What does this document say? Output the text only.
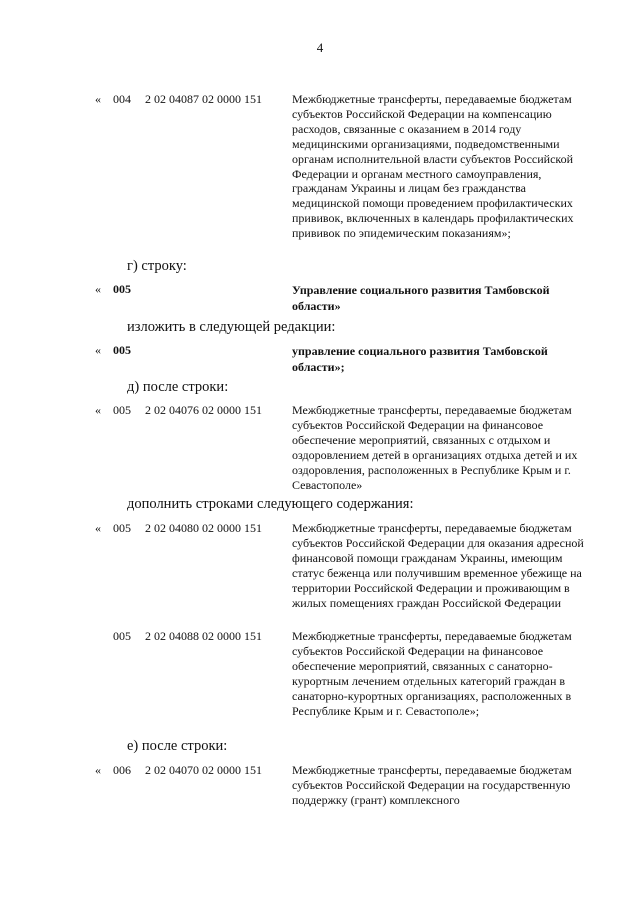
4
« 004 2 02 04087 02 0000 151	Межбюджетные трансферты, передаваемые бюджетам субъектов Российской Федерации на компенсацию расходов, связанные с оказанием в 2014 году медицинскими организациями, подведомственными органам исполнительной власти субъектов Российской Федерации и органам местного самоуправления, гражданам Украины и лицам без гражданства медицинской помощи проведением профилактических прививок, включенных в календарь профилактических прививок по эпидемическим показаниям»;
г) строку:
« 005	Управление социального развития Тамбовской области»
изложить в следующей редакции:
« 005	управление социального развития Тамбовской области»;
д) после строки:
« 005 2 02 04076 02 0000 151	Межбюджетные трансферты, передаваемые бюджетам субъектов Российской Федерации на финансовое обеспечение мероприятий, связанных с отдыхом и оздоровлением детей в организациях отдыха детей и их оздоровления, расположенных в Республике Крым и г. Севастополе»
дополнить строками следующего содержания:
« 005 2 02 04080 02 0000 151	Межбюджетные трансферты, передаваемые бюджетам субъектов Российской Федерации для оказания адресной финансовой помощи гражданам Украины, имеющим статус беженца или получившим временное убежище на территории Российской Федерации и проживающим в жилых помещениях граждан Российской Федерации
005 2 02 04088 02 0000 151	Межбюджетные трансферты, передаваемые бюджетам субъектов Российской Федерации на финансовое обеспечение мероприятий, связанных с санаторно-курортным лечением отдельных категорий граждан в санаторно-курортных организациях, расположенных в Республике Крым и г. Севастополе»;
е) после строки:
« 006 2 02 04070 02 0000 151	Межбюджетные трансферты, передаваемые бюджетам субъектов Российской Федерации на государственную поддержку (грант) комплексного
